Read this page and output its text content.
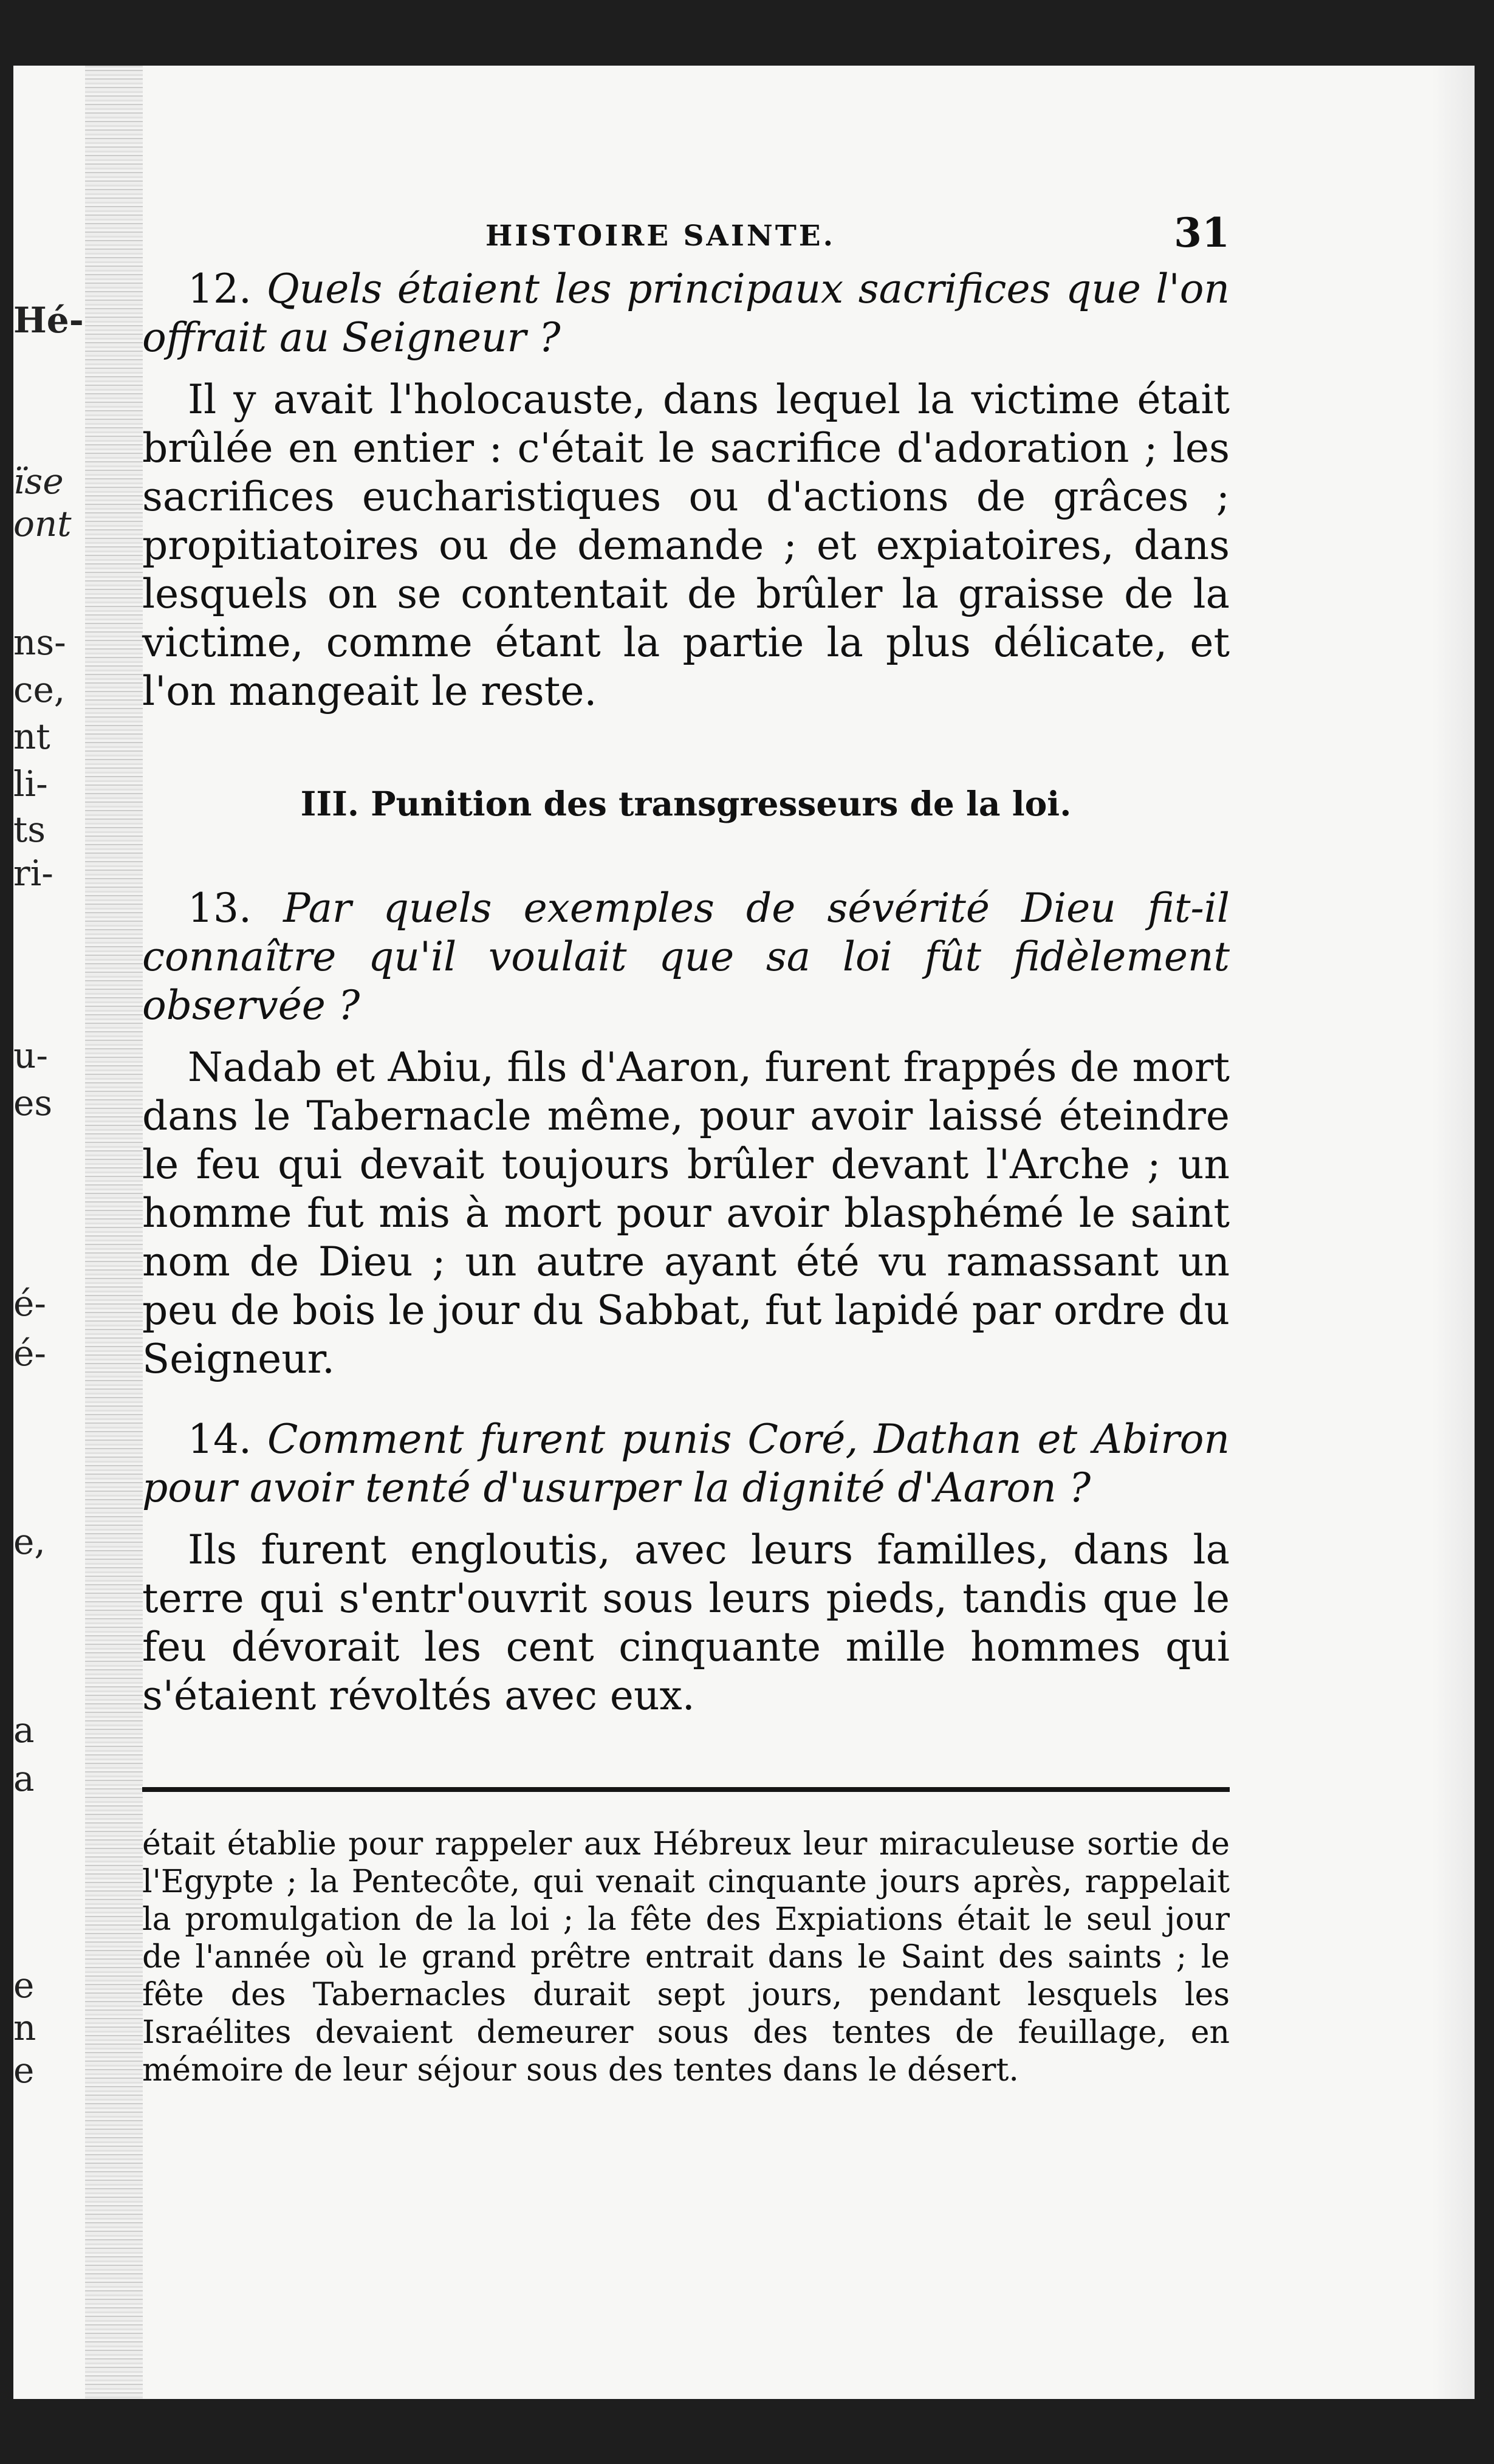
Hé-
ïse
ont
ns-
ce,
nt
li-
ts
ri-
u-
es
é-
é-
e,
a
a
e
n
e
HISTOIRE SAINTE.	31

12. Quels étaient les principaux sacrifices que l'on offrait au Seigneur ?

Il y avait l'holocauste, dans lequel la victime était brûlée en entier : c'était le sacrifice d'adoration ; les sacrifices eucharistiques ou d'actions de grâces ; propitiatoires ou de demande ; et expiatoires, dans lesquels on se contentait de brûler la graisse de la victime, comme étant la partie la plus délicate, et l'on mangeait le reste.

III. Punition des transgresseurs de la loi.

13. Par quels exemples de sévérité Dieu fit-il connaître qu'il voulait que sa loi fût fidèlement observée ?

Nadab et Abiu, fils d'Aaron, furent frappés de mort dans le Tabernacle même, pour avoir laissé éteindre le feu qui devait toujours brûler devant l'Arche ; un homme fut mis à mort pour avoir blasphémé le saint nom de Dieu ; un autre ayant été vu ramassant un peu de bois le jour du Sabbat, fut lapidé par ordre du Seigneur.

14. Comment furent punis Coré, Dathan et Abiron pour avoir tenté d'usurper la dignité d'Aaron ?

Ils furent engloutis, avec leurs familles, dans la terre qui s'entr'ouvrit sous leurs pieds, tandis que le feu dévorait les cent cinquante mille hommes qui s'étaient révoltés avec eux.

était établie pour rappeler aux Hébreux leur miraculeuse sortie de l'Egypte ; la Pentecôte, qui venait cinquante jours après, rappelait la promulgation de la loi ; la fête des Expiations était le seul jour de l'année où le grand prêtre entrait dans le Saint des saints ; le fête des Tabernacles durait sept jours, pendant lesquels les Israélites devaient demeurer sous des tentes de feuillage, en mémoire de leur séjour sous des tentes dans le désert.
